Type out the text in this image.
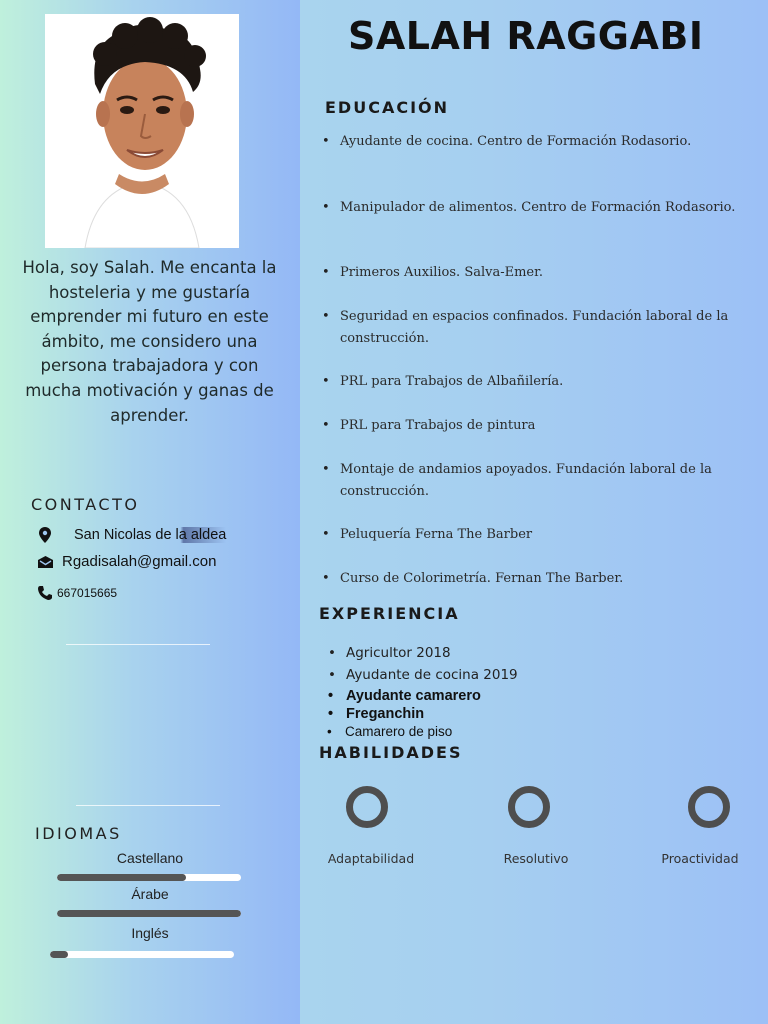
Hola, soy Salah. Me encanta la hosteleria y me gustaría emprender mi futuro en este ámbito, me considero una persona trabajadora y con mucha motivación y ganas de aprender.
CONTACTO
San Nicolas de la aldea
Rgadisalah@gmail.con
667015665
IDIOMAS
Castellano
Árabe
Inglés
SALAH RAGGABI
EDUCACIÓN
• Ayudante de cocina. Centro de Formación Rodasorio.
• Manipulador de alimentos. Centro de Formación Rodasorio.
• Primeros Auxilios. Salva-Emer.
• Seguridad en espacios confinados. Fundación laboral de la construcción.
• PRL para Trabajos de Albañilería.
• PRL para Trabajos de pintura
• Montaje de andamios apoyados. Fundación laboral de la construcción.
• Peluquería Ferna The Barber
• Curso de Colorimetría. Fernan The Barber.
EXPERIENCIA
• Agricultor 2018
• Ayudante de cocina 2019
• Ayudante camarero
• Freganchin
• Camarero de piso
HABILIDADES
Adaptabilidad	Resolutivo	Proactividad
